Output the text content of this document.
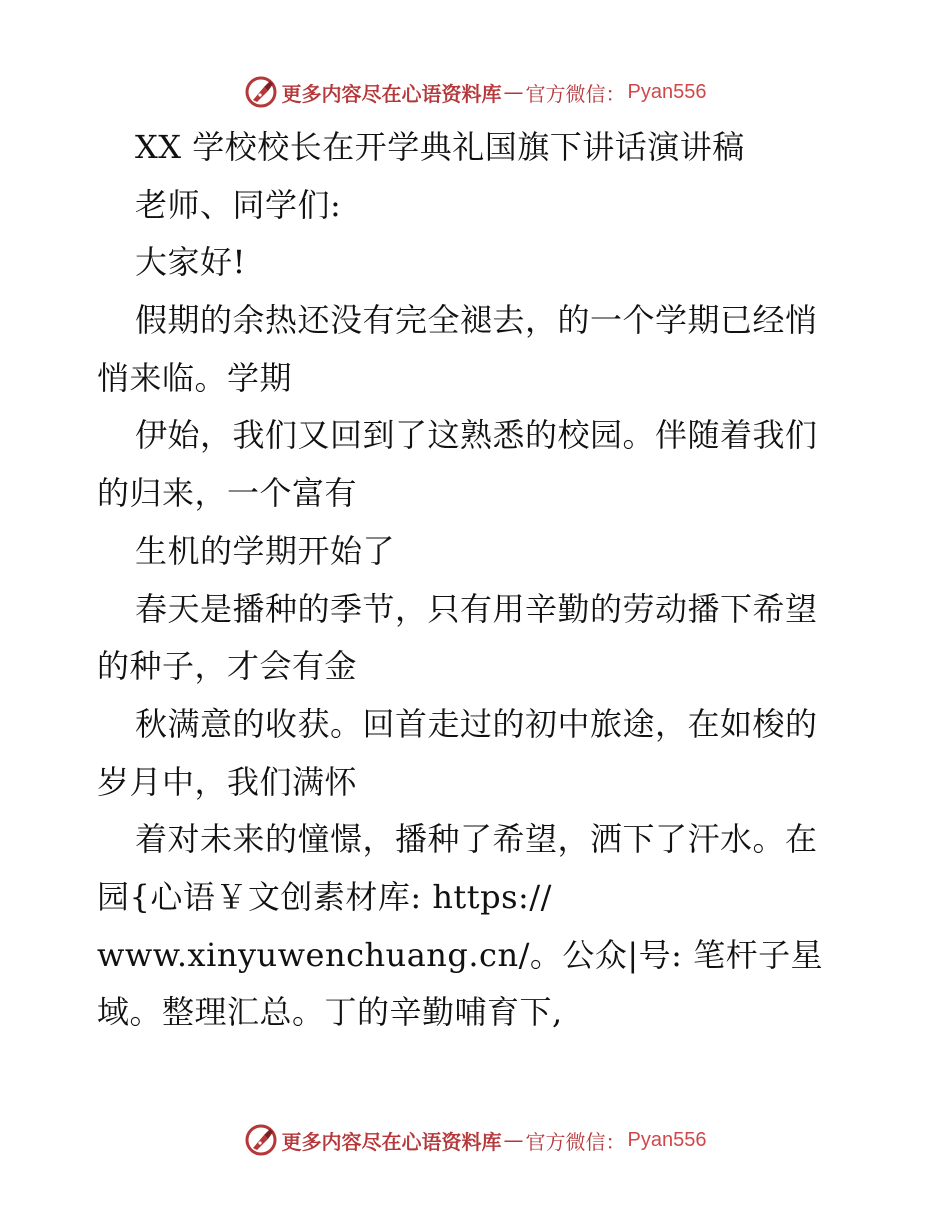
更多内容尽在心语资料库 — 官方微信： Pyan556
XX 学校校长在开学典礼国旗下讲话演讲稿
老师、同学们:
大家好!
假期的余热还没有完全褪去，的一个学期已经悄
悄来临。学期
伊始，我们又回到了这熟悉的校园。伴随着我们
的归来，一个富有
生机的学期开始了
春天是播种的季节，只有用辛勤的劳动播下希望
的种子，才会有金
秋满意的收获。回首走过的初中旅途，在如梭的
岁月中，我们满怀
着对未来的憧憬，播种了希望，洒下了汗水。在
园{心语￥文创素材库: https://
www.xinyuwenchuang.cn/。公众|号: 笔杆子星
域。整理汇总。丁的辛勤哺育下,
更多内容尽在心语资料库 — 官方微信： Pyan556
